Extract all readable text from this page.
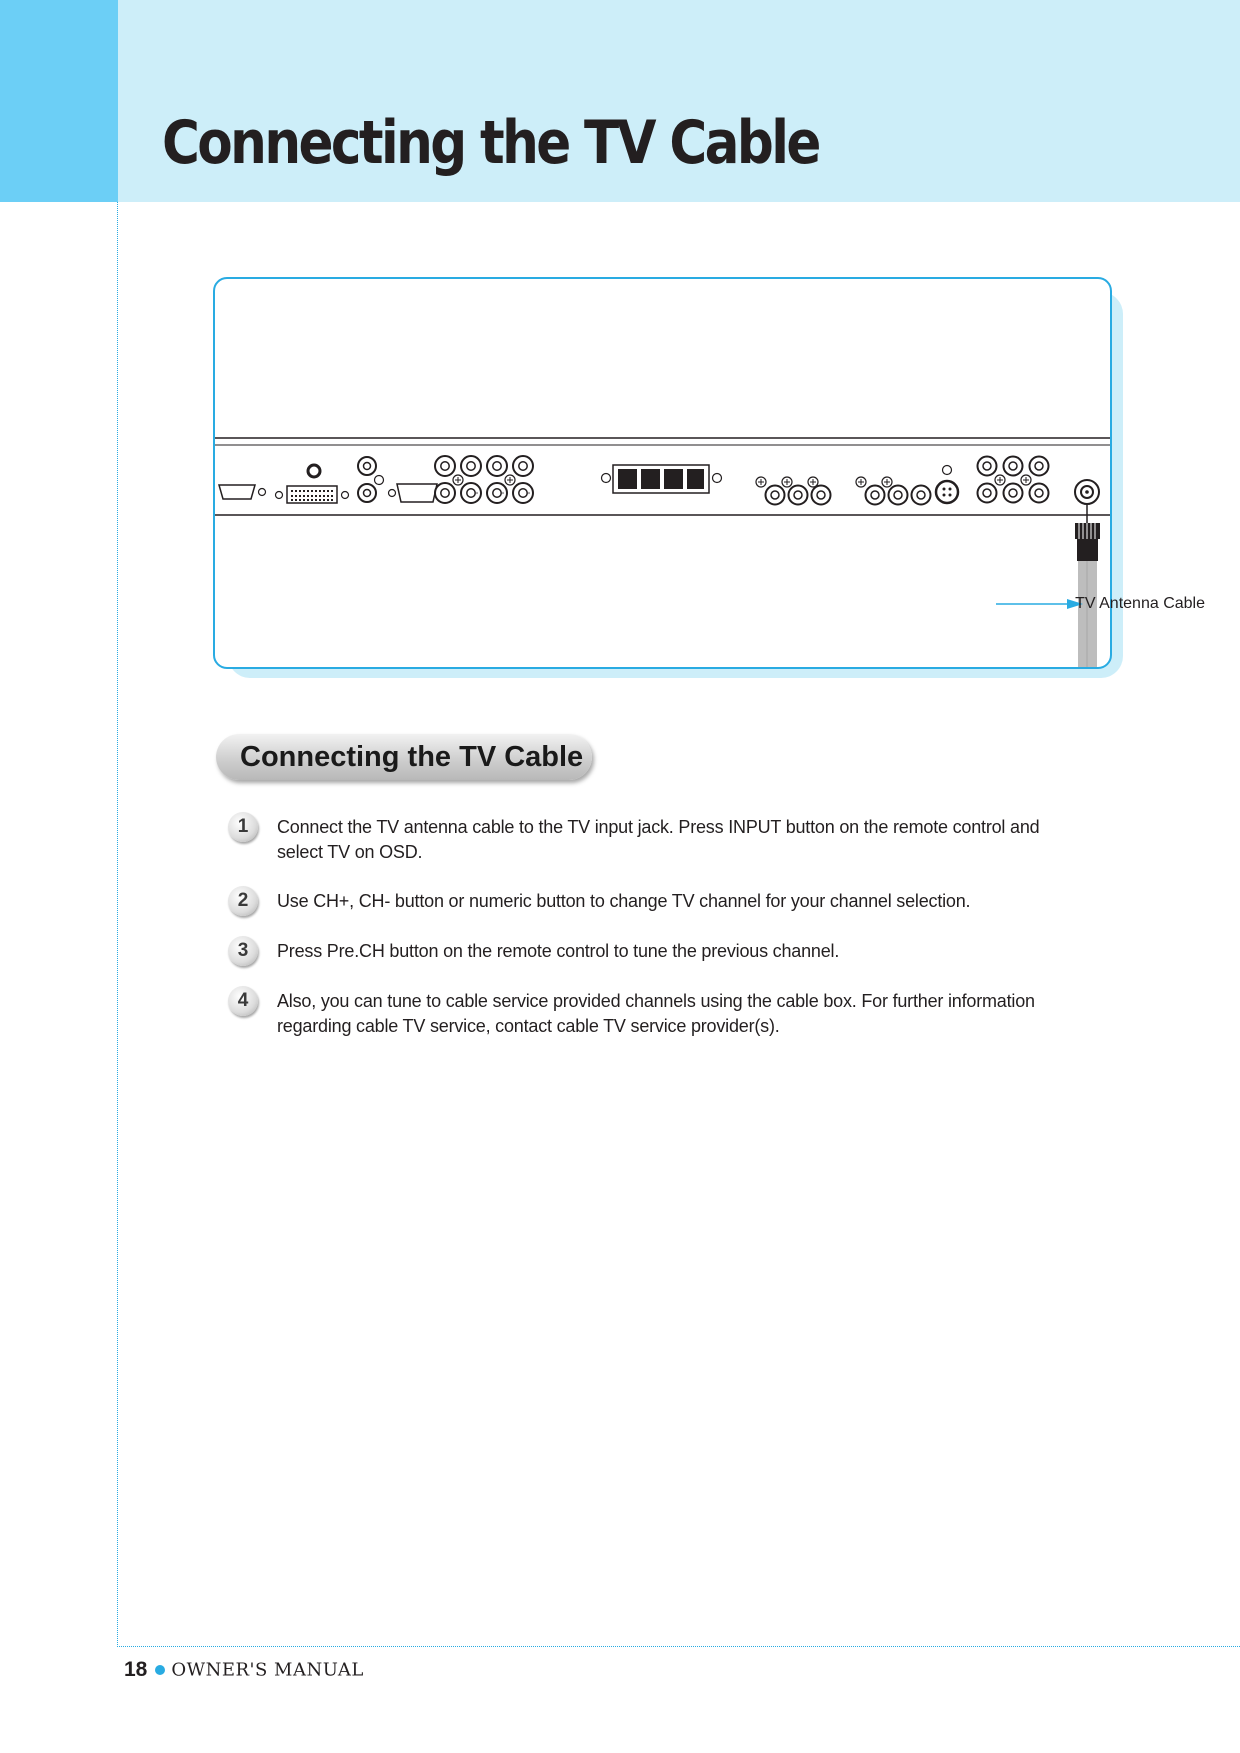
Connecting the TV Cable
TV Antenna Cable
Connecting the TV Cable
1	Connect the TV antenna cable to the TV input jack. Press INPUT button on the remote control and select TV on OSD.
2	Use CH+, CH- button or numeric button to change TV channel for your channel selection.
3	Press Pre.CH button on the remote control to tune the previous channel.
4	Also, you can tune to cable service provided channels using the cable box. For further information regarding cable TV service, contact cable TV service provider(s).
18 OWNER'S MANUAL
